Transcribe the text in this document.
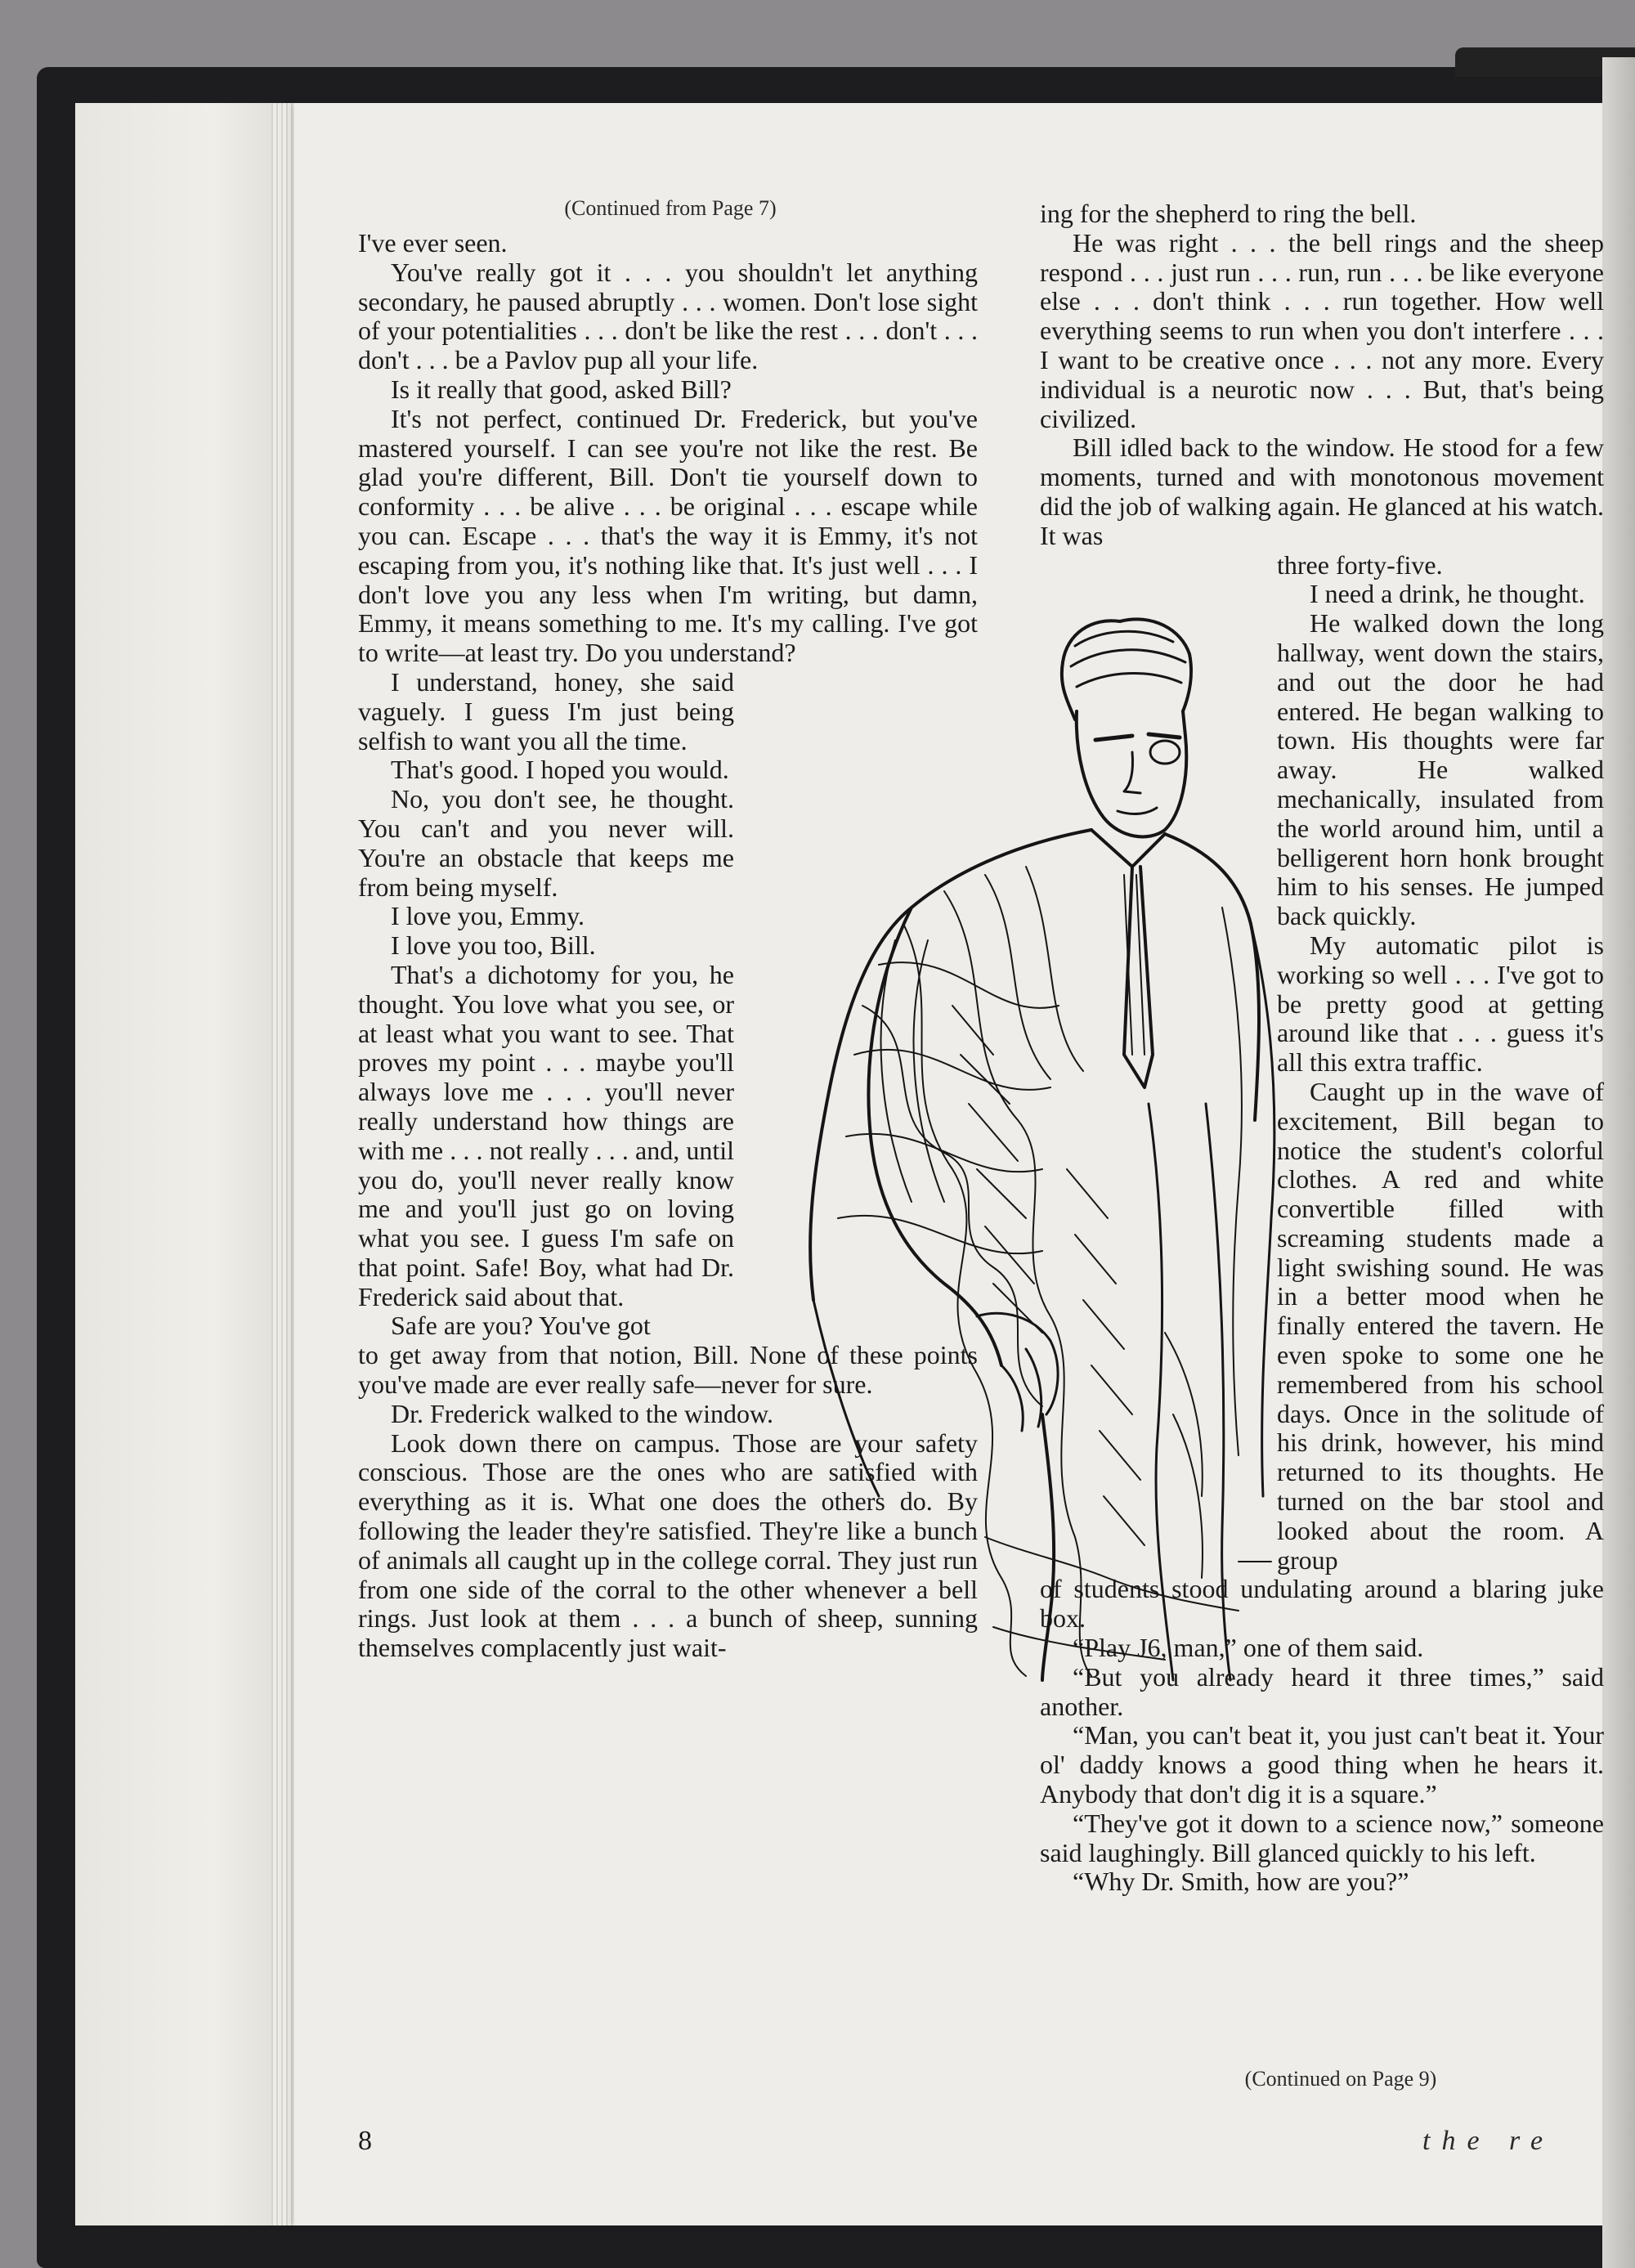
(Continued from Page 7)

I've ever seen.

You've really got it . . . you shouldn't let anything secondary, he paused abruptly . . . women. Don't lose sight of your potentialities . . . don't be like the rest . . . don't . . . don't . . . be a Pavlov pup all your life.

Is it really that good, asked Bill?

It's not perfect, continued Dr. Frederick, but you've mastered yourself. I can see you're not like the rest. Be glad you're different, Bill. Don't tie yourself down to conformity . . . be alive . . . be original . . . escape while you can. Escape . . . that's the way it is Emmy, it's not escaping from you, it's nothing like that. It's just well . . . I don't love you any less when I'm writing, but damn, Emmy, it means something to me. It's my calling. I've got to write—at least try. Do you understand?

I understand, honey, she said vaguely. I guess I'm just being selfish to want you all the time.

That's good. I hoped you would.

No, you don't see, he thought. You can't and you never will. You're an obstacle that keeps me from being myself.

I love you, Emmy.

I love you too, Bill.

That's a dichotomy for you, he thought. You love what you see, or at least what you want to see. That proves my point . . . maybe you'll always love me . . . you'll never really understand how things are with me . . . not really . . . and, until you do, you'll never really know me and you'll just go on loving what you see. I guess I'm safe on that point. Safe! Boy, what had Dr. Frederick said about that.

Safe are you? You've got

to get away from that notion, Bill. None of these points you've made are ever really safe—never for sure.

Dr. Frederick walked to the window.

Look down there on campus. Those are your safety conscious. Those are the ones who are satisfied with everything as it is. What one does the others do. By following the leader they're satisfied. They're like a bunch of animals all caught up in the college corral. They just run from one side of the corral to the other whenever a bell rings. Just look at them . . . a bunch of sheep, sunning themselves complacently just wait-

ing for the shepherd to ring the bell.

He was right . . . the bell rings and the sheep respond . . . just run . . . run, run . . . be like everyone else . . . don't think . . . run together. How well everything seems to run when you don't interfere . . . I want to be creative once . . . not any more. Every individual is a neurotic now . . . But, that's being civilized.

Bill idled back to the window. He stood for a few moments, turned and with monotonous movement did the job of walking again. He glanced at his watch. It was

three forty-five.

I need a drink, he thought.

He walked down the long hallway, went down the stairs, and out the door he had entered. He began walking to town. His thoughts were far away. He walked mechanically, insulated from the world around him, until a belligerent horn honk brought him to his senses. He jumped back quickly.

My automatic pilot is working so well . . . I've got to be pretty good at getting around like that . . . guess it's all this extra traffic.

Caught up in the wave of excitement, Bill began to notice the student's colorful clothes. A red and white convertible filled with screaming students made a light swishing sound. He was in a better mood when he finally entered the tavern. He even spoke to some one he remembered from his school days. Once in the solitude of his drink, however, his mind returned to its thoughts. He turned on the bar stool and looked about the room. A group

of students stood undulating around a blaring juke box.

“Play J6, man,” one of them said.

“But you already heard it three times,” said another.

“Man, you can't beat it, you just can't beat it. Your ol' daddy knows a good thing when he hears it. Anybody that don't dig it is a square.”

“They've got it down to a science now,” someone said laughingly. Bill glanced quickly to his left.

“Why Dr. Smith, how are you?”

(Continued on Page 9)
8	the re
